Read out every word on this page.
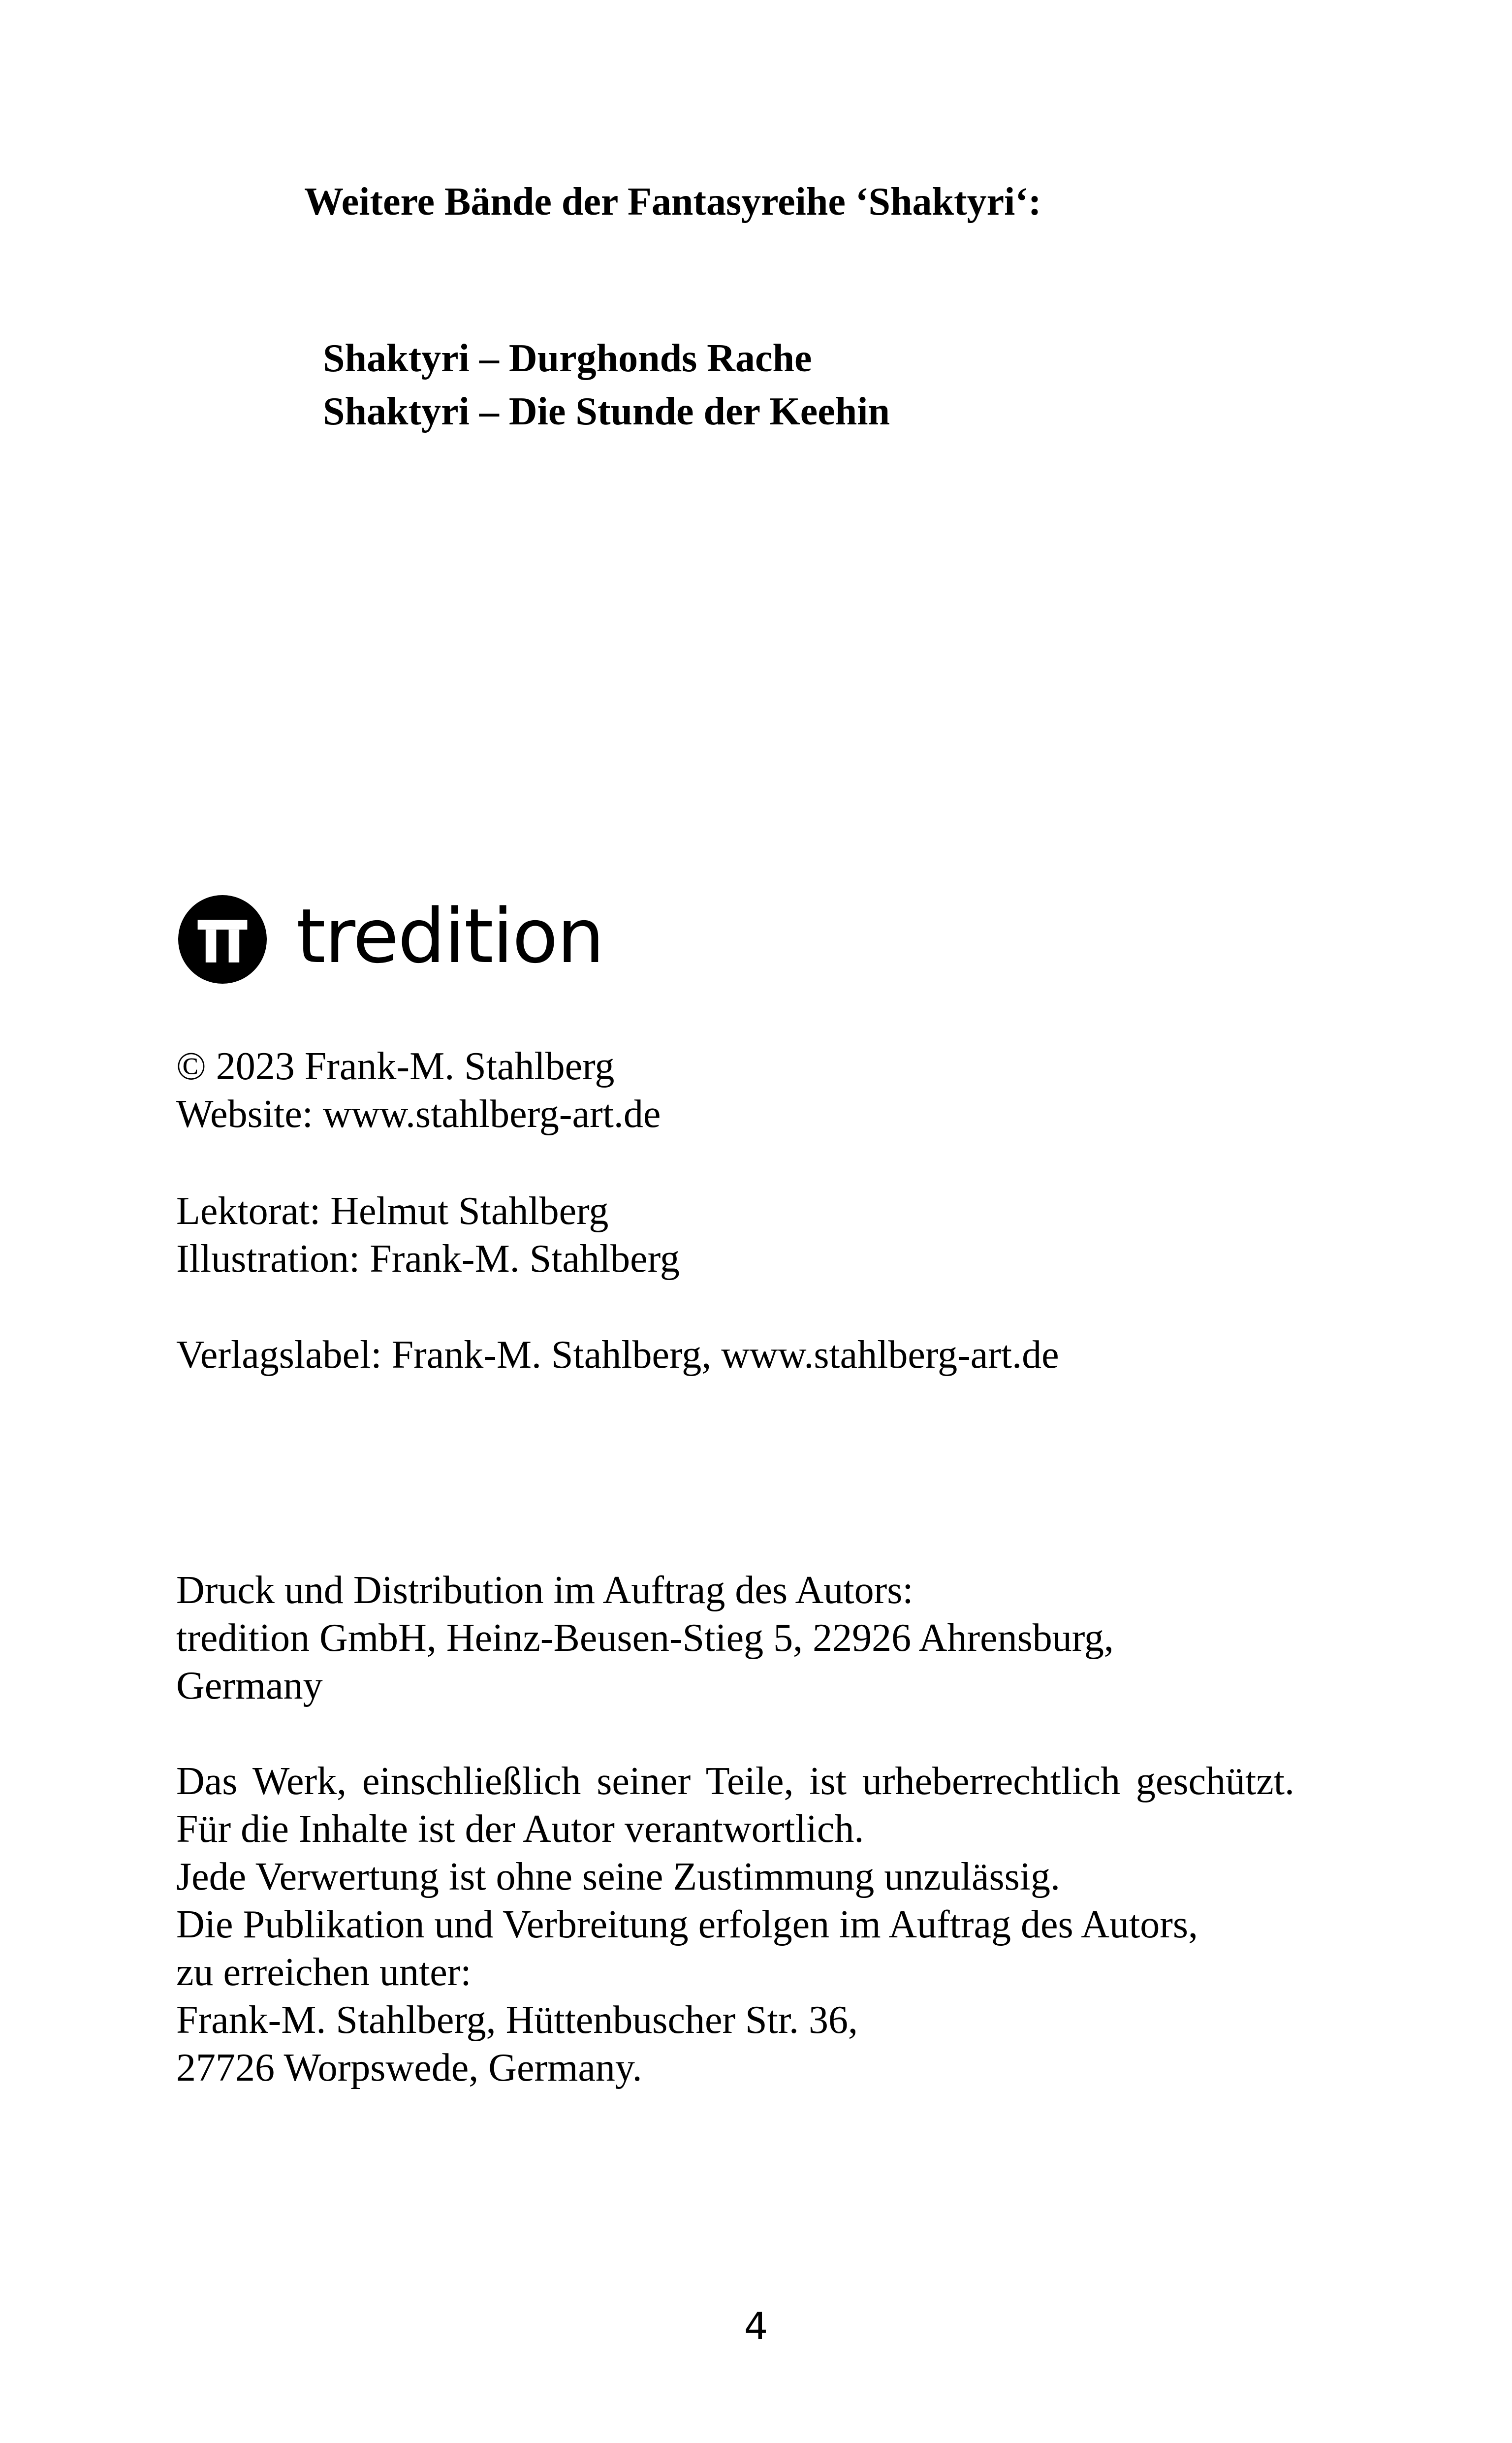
Weitere Bände der Fantasyreihe ‘Shaktyri‘:
Shaktyri – Durghonds Rache
Shaktyri – Die Stunde der Keehin
tredition
© 2023 Frank-M. Stahlberg
Website: www.stahlberg-art.de
Lektorat: Helmut Stahlberg
Illustration: Frank-M. Stahlberg
Verlagslabel: Frank-M. Stahlberg, www.stahlberg-art.de
Druck und Distribution im Auftrag des Autors:
tredition GmbH, Heinz-Beusen-Stieg 5, 22926 Ahrensburg,
Germany
Das Werk, einschließlich seiner Teile, ist urheberrechtlich geschützt. Für die Inhalte ist der Autor verantwortlich.
Jede Verwertung ist ohne seine Zustimmung unzulässig.
Die Publikation und Verbreitung erfolgen im Auftrag des Autors,
zu erreichen unter:
Frank-M. Stahlberg, Hüttenbuscher Str. 36,
27726 Worpswede, Germany.
4
